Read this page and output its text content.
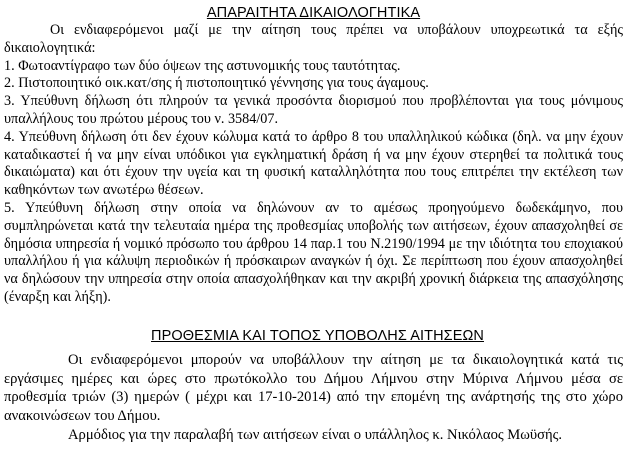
ΑΠΑΡΑΙΤΗΤΑ ΔΙΚΑΙΟΛΟΓΗΤΙΚΑ

Οι ενδιαφερόμενοι μαζί με την αίτηση τους πρέπει να υποβάλουν υποχρεωτικά τα εξής δικαιολογητικά:

1. Φωτοαντίγραφο των δύο όψεων της αστυνομικής τους ταυτότητας.
2. Πιστοποιητικό οικ.κατ/σης ή πιστοποιητικό γέννησης για τους άγαμους.
3. Υπεύθυνη δήλωση ότι πληρούν τα γενικά προσόντα διορισμού που προβλέπονται για τους μόνιμους υπαλλήλους του πρώτου μέρους του ν. 3584/07.
4. Υπεύθυνη δήλωση ότι δεν έχουν κώλυμα κατά το άρθρο 8 του υπαλληλικού κώδικα (δηλ. να μην έχουν καταδικαστεί ή να μην είναι υπόδικοι για εγκληματική δράση ή να μην έχουν στερηθεί τα πολιτικά τους δικαιώματα) και ότι έχουν την υγεία και τη φυσική καταλληλότητα που τους επιτρέπει την εκτέλεση των καθηκόντων των ανωτέρω θέσεων.
5. Υπεύθυνη δήλωση στην οποία να δηλώνουν αν το αμέσως προηγούμενο δωδεκάμηνο, που συμπληρώνεται κατά την τελευταία ημέρα της προθεσμίας υποβολής των αιτήσεων, έχουν απασχοληθεί σε δημόσια υπηρεσία ή νομικό πρόσωπο του άρθρου 14 παρ.1 του Ν.2190/1994 με την ιδιότητα του εποχιακού υπαλλήλου ή για κάλυψη περιοδικών ή πρόσκαιρων αναγκών ή όχι. Σε περίπτωση που έχουν απασχοληθεί να δηλώσουν την υπηρεσία στην οποία απασχολήθηκαν και την ακριβή χρονική διάρκεια της απασχόλησης (έναρξη και λήξη).

ΠΡΟΘΕΣΜΙΑ ΚΑΙ ΤΟΠΟΣ ΥΠΟΒΟΛΗΣ ΑΙΤΗΣΕΩΝ

Οι ενδιαφερόμενοι μπορούν να υποβάλλουν την αίτηση με τα δικαιολογητικά κατά τις εργάσιμες ημέρες και ώρες στο πρωτόκολλο του Δήμου Λήμνου στην Μύρινα Λήμνου μέσα σε προθεσμία τριών (3) ημερών ( μέχρι και 17-10-2014) από την επομένη της ανάρτησής της στο χώρο ανακοινώσεων του Δήμου.

Αρμόδιος για την παραλαβή των αιτήσεων είναι ο υπάλληλος κ. Νικόλαος Μωϋσής.
